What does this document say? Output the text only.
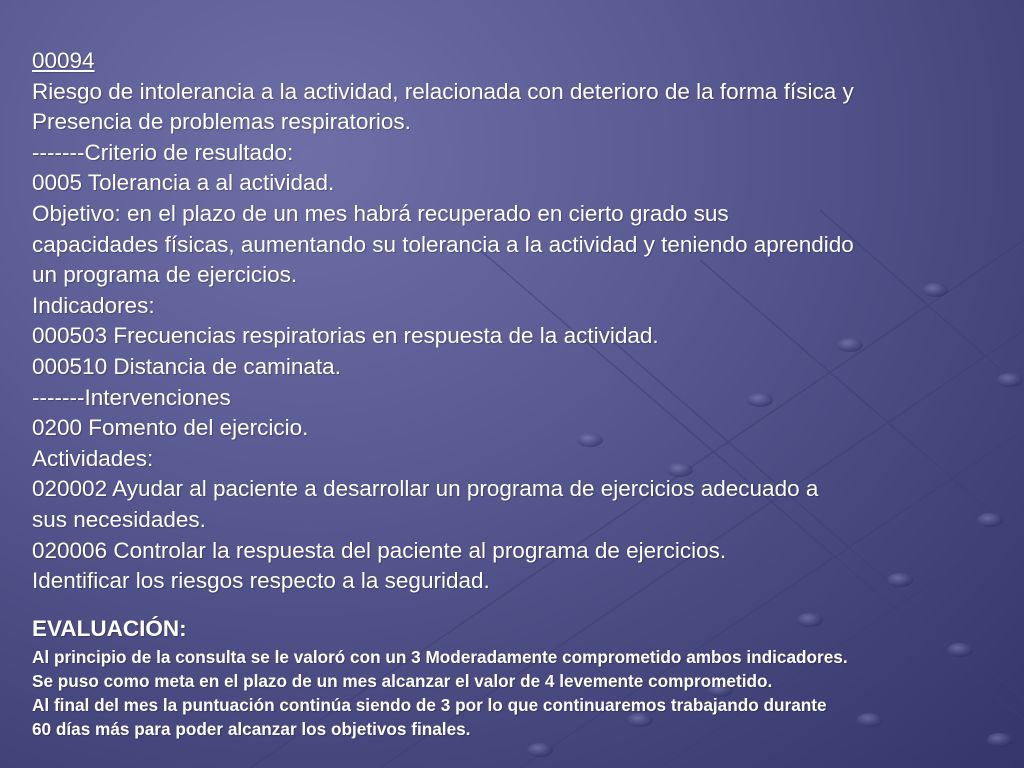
00094

Riesgo de intolerancia a la actividad, relacionada con deterioro de la forma física y

Presencia de problemas respiratorios.

-------Criterio de resultado:

0005 Tolerancia a al actividad.

Objetivo: en el plazo de un mes habrá recuperado en cierto grado sus

capacidades físicas, aumentando su tolerancia a la actividad y teniendo aprendido

un programa de ejercicios.

Indicadores:

000503 Frecuencias respiratorias en respuesta de la actividad.

000510 Distancia de caminata.

-------Intervenciones

0200 Fomento del ejercicio.

Actividades:

020002 Ayudar al paciente a desarrollar un programa de ejercicios adecuado a

sus necesidades.

020006 Controlar la respuesta del paciente al programa de ejercicios.

Identificar los riesgos respecto a la seguridad.

EVALUACIÓN:

Al principio de la consulta se le valoró con un 3 Moderadamente comprometido ambos indicadores.

Se puso como meta en el plazo de un mes alcanzar el valor de 4 levemente comprometido.

Al final del mes la puntuación continúa siendo de 3 por lo que continuaremos trabajando durante

60 días más para poder alcanzar los objetivos finales.
